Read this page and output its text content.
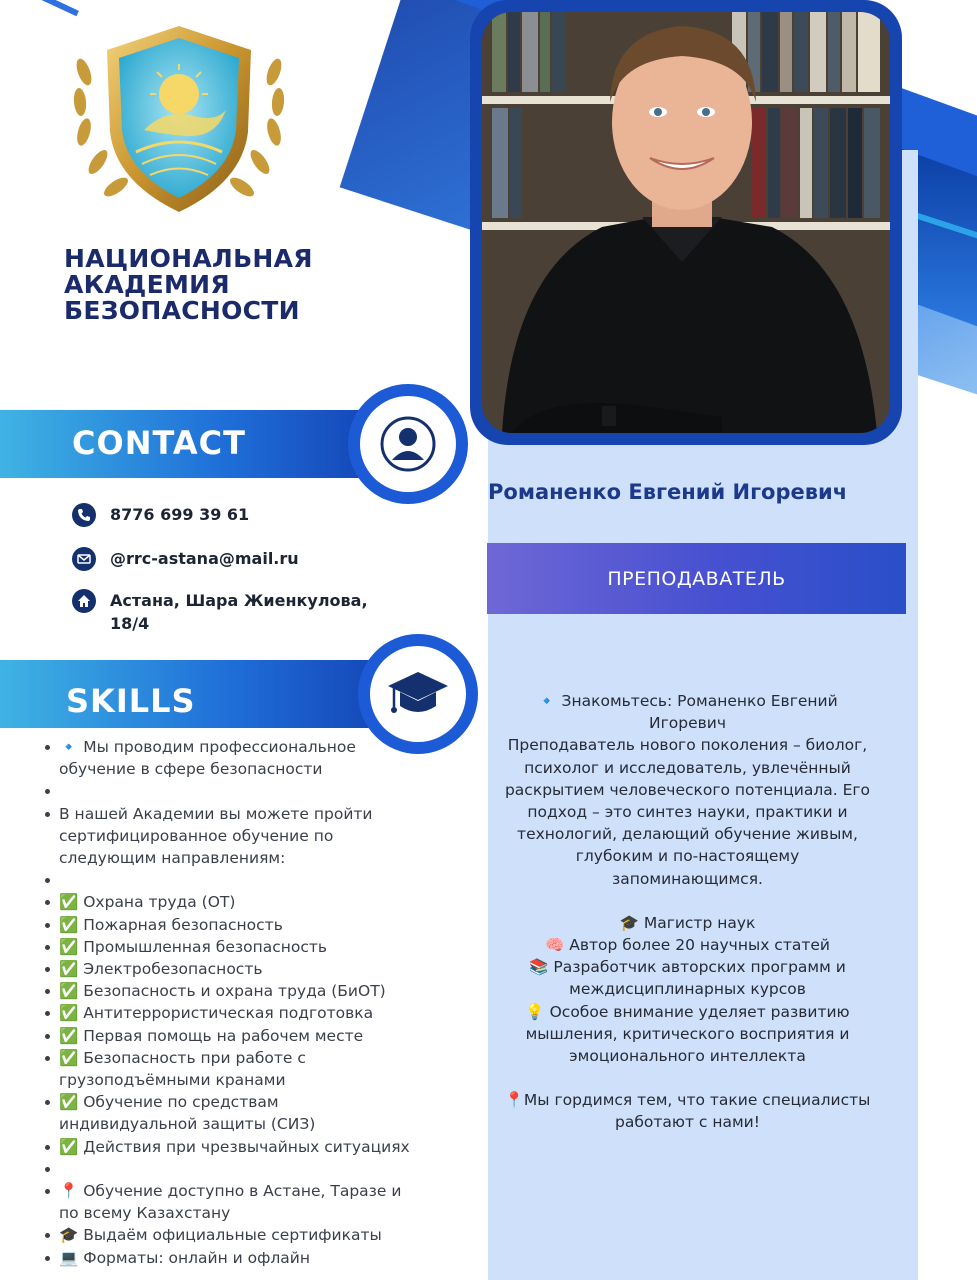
НАЦИОНАЛЬНАЯ
АКАДЕМИЯ
БЕЗОПАСНОСТИ
Романенко Евгений Игоревич
ПРЕПОДАВАТЕЛЬ
CONTACT
8776 699 39 61
@rrc-astana@mail.ru
Астана, Шара Жиенкулова,
18/4
SKILLS
🔹 Мы проводим профессиональное обучение в сфере безопасности

В нашей Академии вы можете пройти сертифицированное обучение по следующим направлениям:

✅ Охрана труда (ОТ)
✅ Пожарная безопасность
✅ Промышленная безопасность
✅ Электробезопасность
✅ Безопасность и охрана труда (БиОТ)
✅ Антитеррористическая подготовка
✅ Первая помощь на рабочем месте
✅ Безопасность при работе с грузоподъёмными кранами
✅ Обучение по средствам индивидуальной защиты (СИЗ)
✅ Действия при чрезвычайных ситуациях

📍 Обучение доступно в Астане, Таразе и по всему Казахстану
🎓 Выдаём официальные сертификаты
💻 Форматы: онлайн и офлайн

🔹 Знакомьтесь: Романенко Евгений Игоревич

Преподаватель нового поколения – биолог, психолог и исследователь, увлечённый раскрытием человеческого потенциала. Его подход – это синтез науки, практики и технологий, делающий обучение живым, глубоким и по-настоящему запоминающимся.

🎓 Магистр наук

🧠 Автор более 20 научных статей

📚 Разработчик авторских программ и междисциплинарных курсов

💡 Особое внимание уделяет развитию мышления, критического восприятия и эмоционального интеллекта

📍Мы гордимся тем, что такие специалисты работают с нами!
